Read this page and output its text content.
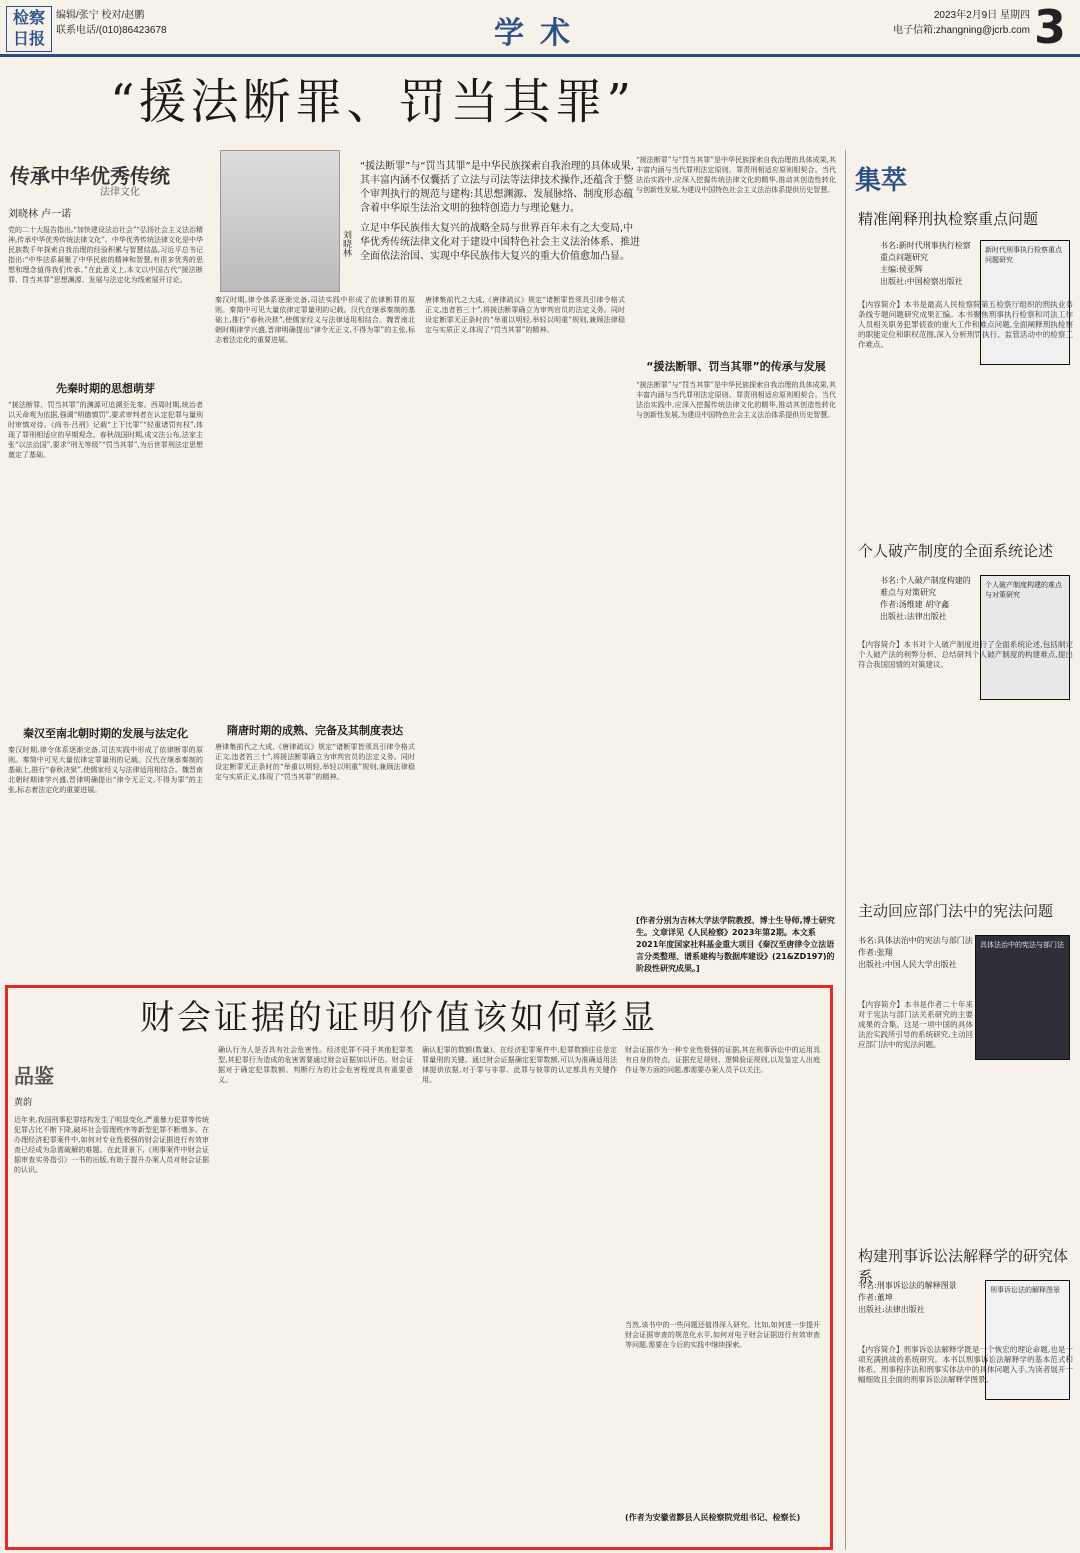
检察日报
编辑/张宁 校对/赵鹏
联系电话/(010)86423678	学术
2023年2月9日 星期四
电子信箱:zhangning@jcrb.com 3
“援法断罪、罚当其罪”
传承中华优秀传统
法律文化
刘晓林 卢一诺
刘晓林

“援法断罪”与“罚当其罪”是中华民族探索自我治理的具体成果,其丰富内涵不仅囊括了立法与司法等法律技术操作,还蕴含于整个审判执行的规范与建构:其思想渊源、发展脉络、制度形态蕴含着中华原生法治文明的独特创造力与理论魅力。

立足中华民族伟大复兴的战略全局与世界百年未有之大变局,中华优秀传统法律文化对于建设中国特色社会主义法治体系、推进全面依法治国、实现中华民族伟大复兴的重大价值愈加凸显。

党的二十大报告指出,“加快建设法治社会”“弘扬社会主义法治精神,传承中华优秀传统法律文化”。中华优秀传统法律文化是中华民族数千年探索自我治理的经验积累与智慧结晶,习近平总书记指出:“中华法系凝聚了中华民族的精神和智慧,有很多优秀的思想和理念值得我们传承。”在此意义上,本文以中国古代“援法断罪、罚当其罪”思想渊源、发展与法定化为线索展开讨论。
先秦时期的思想萌芽
“援法断罪、罚当其罪”的渊源可追溯至先秦。西周时期,统治者以天命观为依据,强调“明德慎罚”,要求审判者在认定犯罪与量刑时审慎对待。《尚书·吕刑》记载“上下比罪”“轻重诸罚有权”,体现了罪刑相适应的早期观念。春秋战国时期,成文法公布,法家主张“以法治国”,要求“刑无等级”“罚当其罪”,为后世罪刑法定思想奠定了基础。
秦汉至南北朝时期的发展与法定化
秦汉时期,律令体系逐渐完备,司法实践中形成了依律断罪的原则。秦简中可见大量依律定罪量刑的记载。汉代在继承秦制的基础上,推行“春秋决狱”,使儒家经义与法律适用相结合。魏晋南北朝时期律学兴盛,晋律明确提出“律令无正文,不得为罪”的主张,标志着法定化的重要进展。
秦汉时期,律令体系逐渐完备,司法实践中形成了依律断罪的原则。秦简中可见大量依律定罪量刑的记载。汉代在继承秦制的基础上,推行“春秋决狱”,使儒家经义与法律适用相结合。魏晋南北朝时期律学兴盛,晋律明确提出“律令无正文,不得为罪”的主张,标志着法定化的重要进展。
隋唐时期的成熟、完备及其制度表达
唐律集前代之大成,《唐律疏议》规定“诸断罪皆须具引律令格式正文,违者笞三十”,将援法断罪确立为审判官员的法定义务。同时设定断罪无正条时的“举重以明轻,举轻以明重”规则,兼顾法律稳定与实质正义,体现了“罚当其罪”的精神。
唐律集前代之大成,《唐律疏议》规定“诸断罪皆须具引律令格式正文,违者笞三十”,将援法断罪确立为审判官员的法定义务。同时设定断罪无正条时的“举重以明轻,举轻以明重”规则,兼顾法律稳定与实质正义,体现了“罚当其罪”的精神。
“援法断罪”与“罚当其罪”是中华民族探索自我治理的具体成果,其丰富内涵与当代罪刑法定原则、罪责刑相适应原则相契合。当代法治实践中,应深入挖掘传统法律文化的精华,推动其创造性转化与创新性发展,为建设中国特色社会主义法治体系提供历史智慧。
“援法断罪、罚当其罪”的传承与发展
“援法断罪”与“罚当其罪”是中华民族探索自我治理的具体成果,其丰富内涵与当代罪刑法定原则、罪责刑相适应原则相契合。当代法治实践中,应深入挖掘传统法律文化的精华,推动其创造性转化与创新性发展,为建设中国特色社会主义法治体系提供历史智慧。
[作者分别为吉林大学法学院教授、博士生导师,博士研究生。文章详见《人民检察》2023年第2期。本文系2021年度国家社科基金重大项目《秦汉至唐律令立法语言分类整理、谱系建构与数据库建设》(21&ZD197)的阶段性研究成果。]
集萃
精准阐释刑执检察重点问题
书名:新时代刑事执行检察重点问题研究
主编:侯亚辉
出版社:中国检察出版社
新时代刑事执行检察重点问题研究
【内容简介】本书是最高人民检察院第五检察厅组织的刑执业务条线专题问题研究成果汇编。本书聚焦刑事执行检察和司法工作人员相关职务犯罪侦查的重大工作和难点问题,全面阐释刑执检察的职能定位和职权范围,深入分析刑罚执行、监管活动中的检察工作难点。
个人破产制度的全面系统论述
书名:个人破产制度构建的难点与对策研究
作者:汤维建 胡守鑫
出版社:法律出版社
个人破产制度构建的难点与对策研究
【内容简介】本书对个人破产制度进行了全面系统论述,包括制定个人破产法的利弊分析、总结研判个人破产制度的构建难点,提出符合我国国情的对策建议。
主动回应部门法中的宪法问题
书名:具体法治中的宪法与部门法
作者:张翔
出版社:中国人民大学出版社
具体法治中的宪法与部门法
【内容简介】本书是作者二十年来对于宪法与部门法关系研究的主要成果的合集。这是一项中国的具体法治实践所引导的系统研究,主动回应部门法中的宪法问题。
构建刑事诉讼法解释学的研究体系
书名:刑事诉讼法的解释图景
作者:董坤
出版社:法律出版社
刑事诉讼法的解释图景
【内容简介】刑事诉讼法解释学既是一个恢宏的理论命题,也是一项充满挑战的系统研究。本书以刑事诉讼法解释学的基本范式和体系、刑事程序法和刑事实体法中的具体问题入手,为读者展开一幅细致且全面的刑事诉讼法解释学图景。
财会证据的证明价值该如何彰显
品鉴
黄韵
近年来,我国刑事犯罪结构发生了明显变化,严重暴力犯罪等传统犯罪占比不断下降,破坏社会管理秩序等新型犯罪不断增多。在办理经济犯罪案件中,如何对专业性极强的财会证据进行有效审查已经成为急需破解的难题。在此背景下,《刑事案件中财会证据审查实务指引》一书的出版,有助于提升办案人员对财会证据的认识。
确认行为人是否具有社会危害性。经济犯罪不同于其他犯罪类型,其犯罪行为造成的危害需要通过财会证据加以评估。财会证据对于确定犯罪数额、判断行为的社会危害程度具有重要意义。
确认犯罪的数额(数量)。在经济犯罪案件中,犯罪数额往往是定罪量刑的关键。通过财会证据确定犯罪数额,可以为准确适用法律提供依据,对于罪与非罪、此罪与彼罪的认定都具有关键作用。
财会证据作为一种专业性极强的证据,其在刑事诉讼中的运用具有自身的特点。证据充足规则、逻辑验证规则,以及鉴定人出庭作证等方面的问题,都需要办案人员予以关注。
当然,该书中的一些问题还值得深入研究。比如,如何进一步提升财会证据审查的规范化水平,如何对电子财会证据进行有效审查等问题,需要在今后的实践中继续探索。
(作者为安徽省黟县人民检察院党组书记、检察长)
